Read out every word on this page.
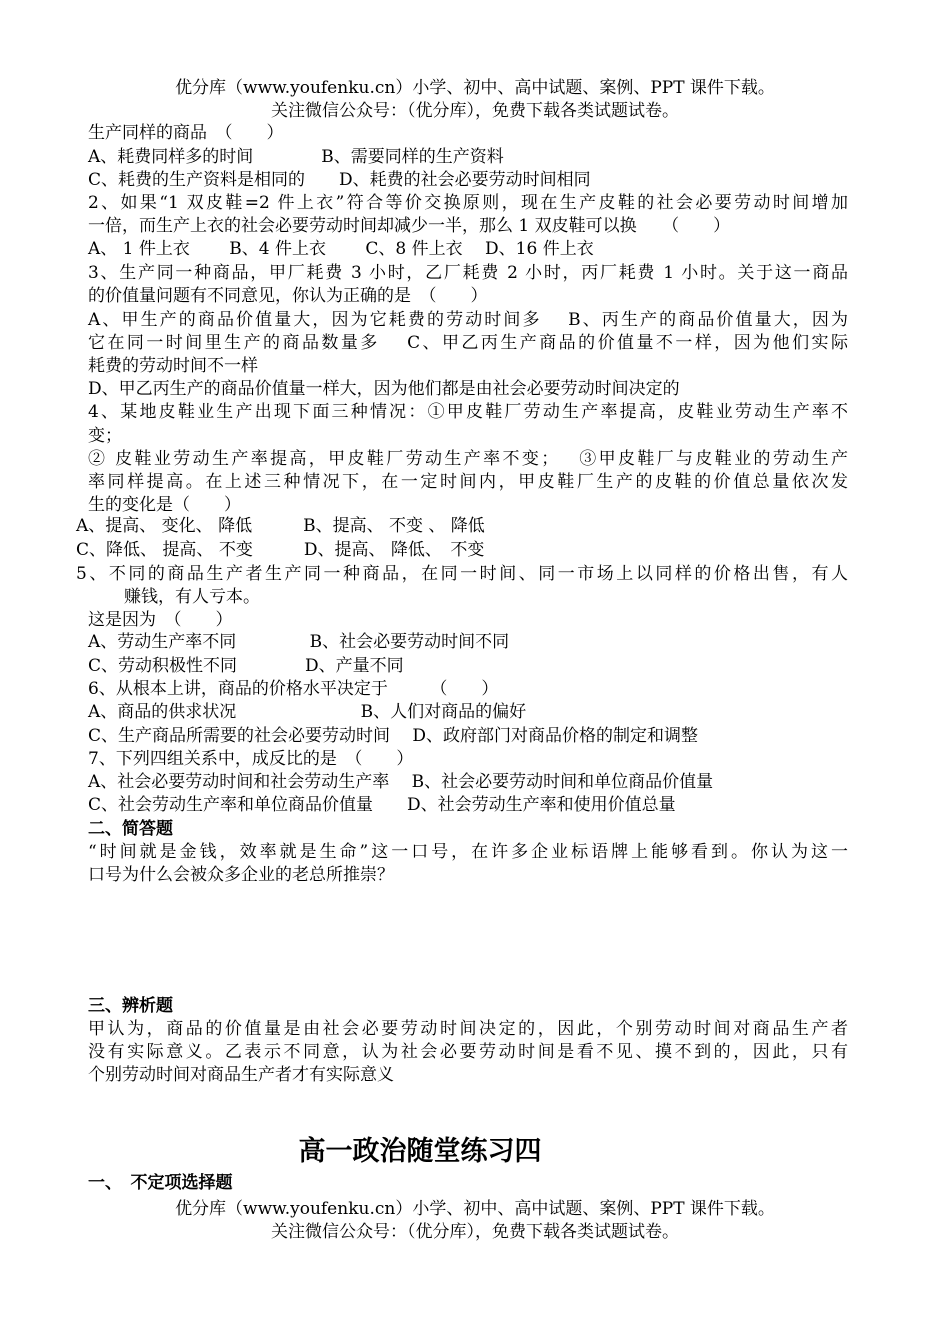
优分库（www.youfenku.cn）小学、初中、高中试题、案例、PPT 课件下载。
关注微信公众号：（优分库），免费下载各类试题试卷。
生产同样的商品　（　　）
A、耗费同样多的时间　　　　B、需要同样的生产资料
C、耗费的生产资料是相同的　　D、耗费的社会必要劳动时间相同
2、如果“1 双皮鞋=2 件上衣”符合等价交换原则，现在生产皮鞋的社会必要劳动时间增加
一倍，而生产上衣的社会必要劳动时间却减少一半，那么 1 双皮鞋可以换　　（　　）
A、 1 件上衣　　 B、4 件上衣　　 C、8 件上衣　 D、16 件上衣
3、生产同一种商品，甲厂耗费 3 小时，乙厂耗费 2 小时，丙厂耗费 1 小时。关于这一商品
的价值量问题有不同意见，你认为正确的是　（　　）
A、甲生产的商品价值量大，因为它耗费的劳动时间多　 B、丙生产的商品价值量大，因为
它在同一时间里生产的商品数量多　 C、甲乙丙生产商品的价值量不一样，因为他们实际
耗费的劳动时间不一样
D、甲乙丙生产的商品价值量一样大，因为他们都是由社会必要劳动时间决定的
4、某地皮鞋业生产出现下面三种情况：①甲皮鞋厂劳动生产率提高，皮鞋业劳动生产率不
变；
② 皮鞋业劳动生产率提高，甲皮鞋厂劳动生产率不变；　 ③甲皮鞋厂与皮鞋业的劳动生产
率同样提高。在上述三种情况下，在一定时间内，甲皮鞋厂生产的皮鞋的价值总量依次发
生的变化是（　　）
A、提高、 变化、 降低　　　B、提高、 不变 、 降低
C、降低、 提高、 不变　　　D、提高、 降低、　不变
5、不同的商品生产者生产同一种商品，在同一时间、同一市场上以同样的价格出售，有人
赚钱，有人亏本。
这是因为　（　　）
A、劳动生产率不同　　　　 B、社会必要劳动时间不同
C、劳动积极性不同　　　　D、产量不同
6、从根本上讲，商品的价格水平决定于　　　（　　）
A、商品的供求状况　　　　　　　 B、人们对商品的偏好
C、生产商品所需要的社会必要劳动时间　 D、政府部门对商品价格的制定和调整
7、下列四组关系中，成反比的是　（　　）
A、社会必要劳动时间和社会劳动生产率　 B、社会必要劳动时间和单位商品价值量
C、社会劳动生产率和单位商品价值量　　D、社会劳动生产率和使用价值总量
二、简答题
“时间就是金钱，效率就是生命”这一口号，在许多企业标语牌上能够看到。你认为这一
口号为什么会被众多企业的老总所推崇？
三、辨析题
甲认为，商品的价值量是由社会必要劳动时间决定的，因此，个别劳动时间对商品生产者
没有实际意义。乙表示不同意，认为社会必要劳动时间是看不见、摸不到的，因此，只有
个别劳动时间对商品生产者才有实际意义
高一政治随堂练习四
一、　不定项选择题
优分库（www.youfenku.cn）小学、初中、高中试题、案例、PPT 课件下载。
关注微信公众号：（优分库），免费下载各类试题试卷。
